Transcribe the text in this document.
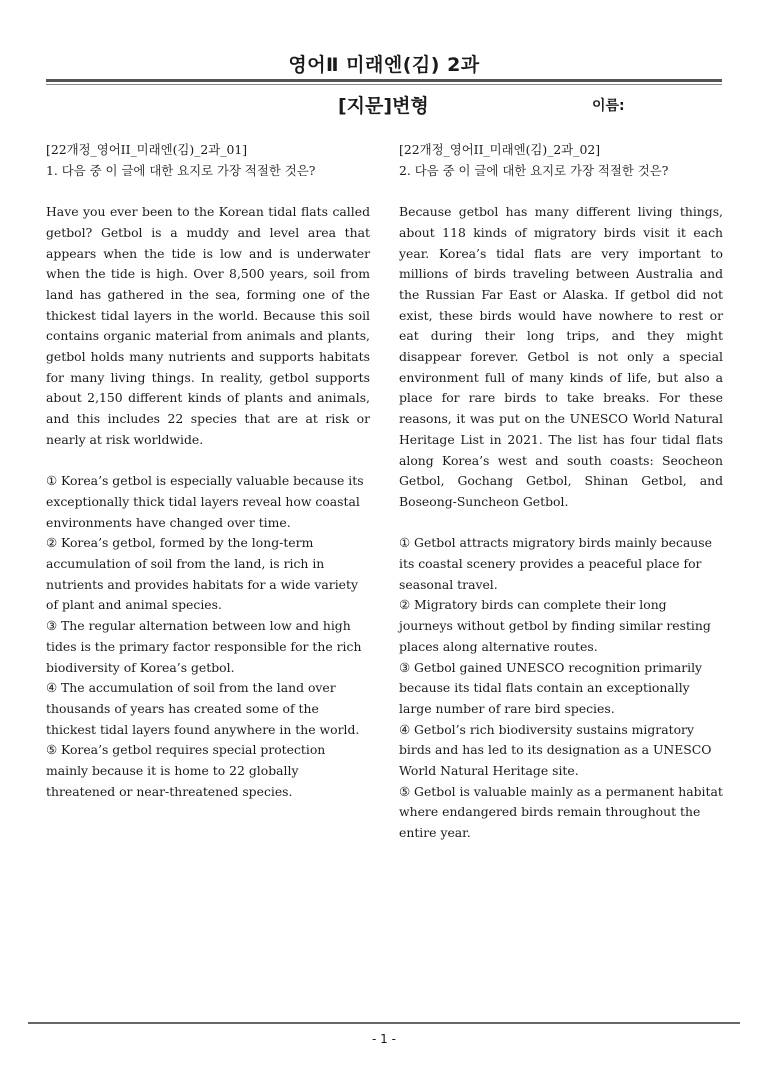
영어Ⅱ 미래엔(김) 2과
[지문]변형	이름:
[22개정_영어II_미래엔(김)_2과_01]
1. 다음 중 이 글에 대한 요지로 가장 적절한 것은?
Have you ever been to the Korean tidal flats called getbol? Getbol is a muddy and level area that appears when the tide is low and is underwater when the tide is high. Over 8,500 years, soil from land has gathered in the sea, forming one of the thickest tidal layers in the world. Because this soil contains organic material from animals and plants, getbol holds many nutrients and supports habitats for many living things. In reality, getbol supports about 2,150 different kinds of plants and animals, and this includes 22 species that are at risk or nearly at risk worldwide.
① Korea’s getbol is especially valuable because its exceptionally thick tidal layers reveal how coastal environments have changed over time.
② Korea’s getbol, formed by the long-term accumulation of soil from the land, is rich in nutrients and provides habitats for a wide variety of plant and animal species.
③ The regular alternation between low and high tides is the primary factor responsible for the rich biodiversity of Korea’s getbol.
④ The accumulation of soil from the land over thousands of years has created some of the thickest tidal layers found anywhere in the world.
⑤ Korea’s getbol requires special protection mainly because it is home to 22 globally threatened or near-threatened species.
[22개정_영어II_미래엔(김)_2과_02]
2. 다음 중 이 글에 대한 요지로 가장 적절한 것은?
Because getbol has many different living things, about 118 kinds of migratory birds visit it each year. Korea’s tidal flats are very important to millions of birds traveling between Australia and the Russian Far East or Alaska. If getbol did not exist, these birds would have nowhere to rest or eat during their long trips, and they might disappear forever. Getbol is not only a special environment full of many kinds of life, but also a place for rare birds to take breaks. For these reasons, it was put on the UNESCO World Natural Heritage List in 2021. The list has four tidal flats along Korea’s west and south coasts: Seocheon Getbol, Gochang Getbol, Shinan Getbol, and Boseong-Suncheon Getbol.
① Getbol attracts migratory birds mainly because its coastal scenery provides a peaceful place for seasonal travel.
② Migratory birds can complete their long journeys without getbol by finding similar resting places along alternative routes.
③ Getbol gained UNESCO recognition primarily because its tidal flats contain an exceptionally large number of rare bird species.
④ Getbol’s rich biodiversity sustains migratory birds and has led to its designation as a UNESCO World Natural Heritage site.
⑤ Getbol is valuable mainly as a permanent habitat where endangered birds remain throughout the entire year.
- 1 -
